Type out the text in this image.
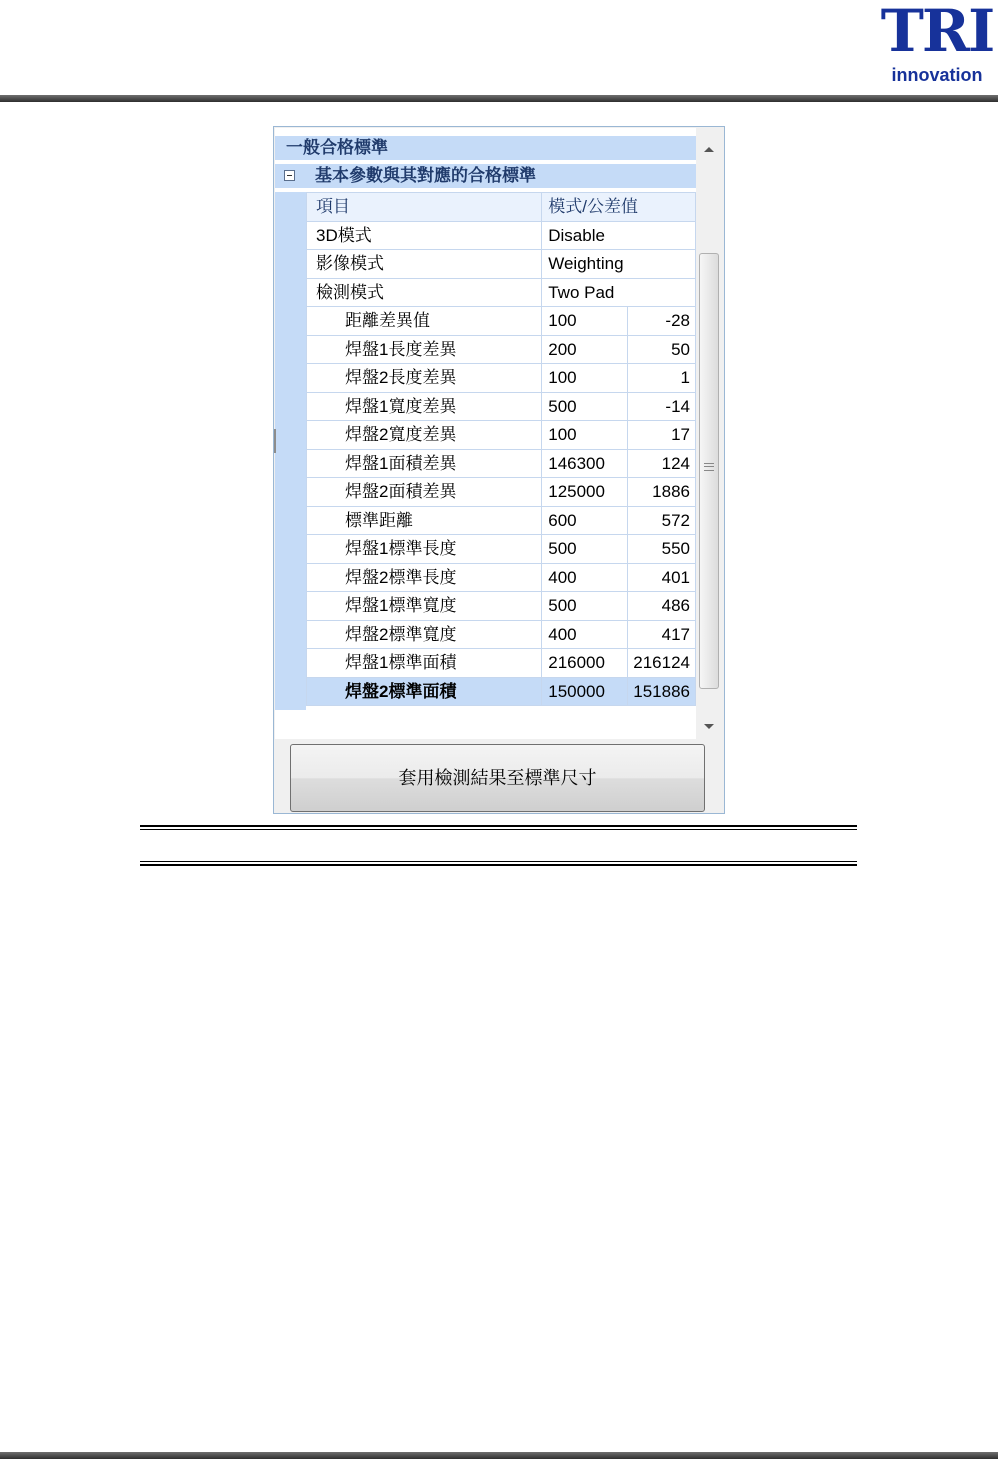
TRI
innovation
一般合格標準
基本參數與其對應的合格標準
項目	模式/公差值	
3D模式	Disable	
影像模式	Weighting	
檢測模式	Two Pad	
距離差異值	100	-28
焊盤1長度差異	200	50
焊盤2長度差異	100	1
焊盤1寬度差異	500	-14
焊盤2寬度差異	100	17
焊盤1面積差異	146300	124
焊盤2面積差異	125000	1886
標準距離	600	572
焊盤1標準長度	500	550
焊盤2標準長度	400	401
焊盤1標準寬度	500	486
焊盤2標準寬度	400	417
焊盤1標準面積	216000	216124
焊盤2標準面積	150000	151886
套用檢測結果至標準尺寸
